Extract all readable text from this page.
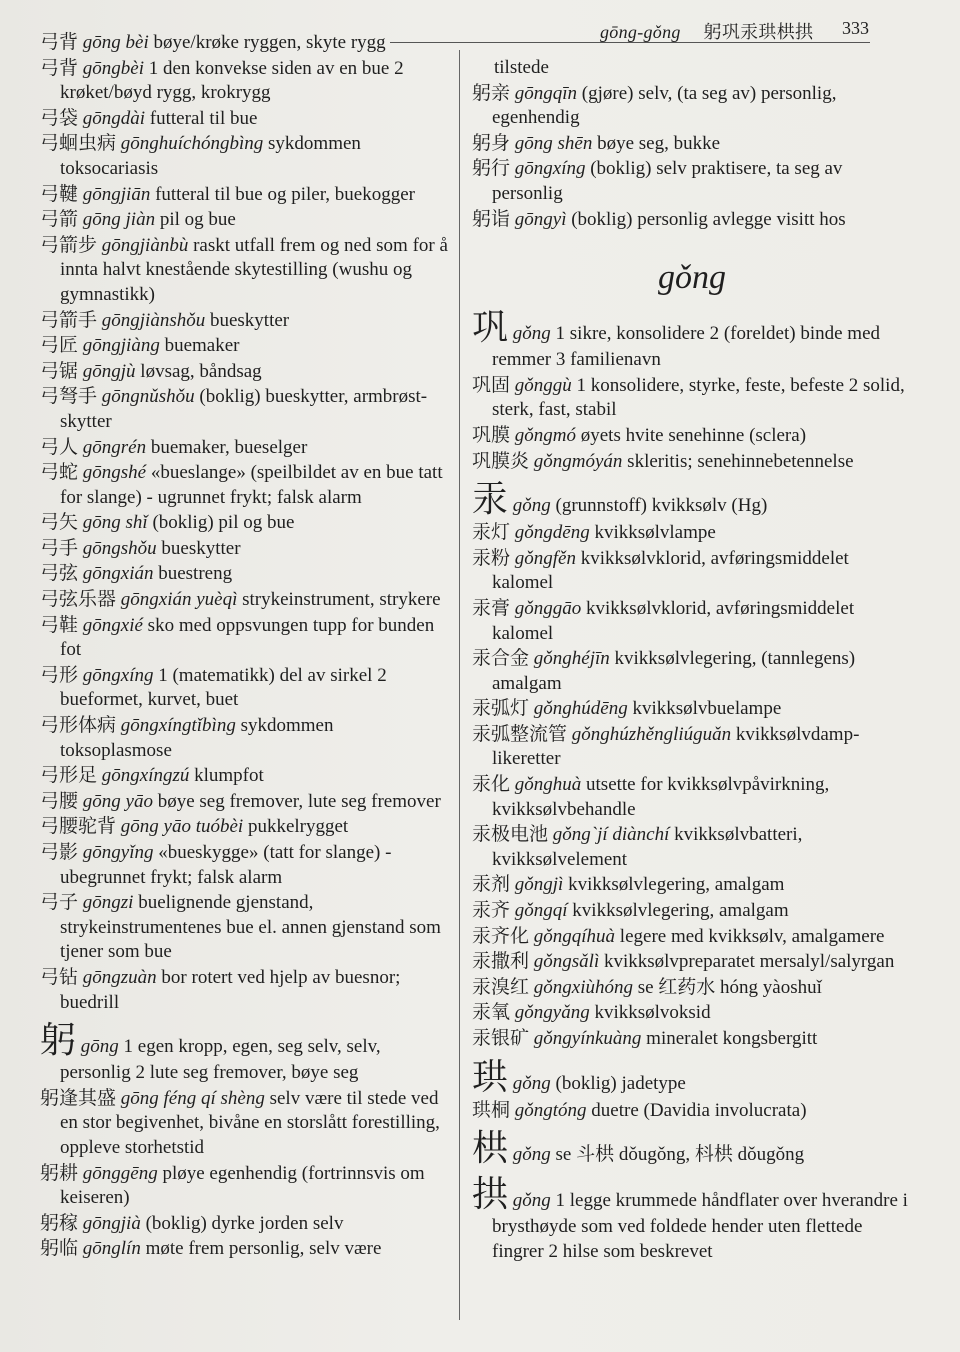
gōng-gǒng 躬巩汞珙栱拱	333

弓背 gōng bèi bøye/krøke ryggen, skyte rygg

弓背 gōngbèi 1 den konvekse siden av en bue 2 krøket/bøyd rygg, krokrygg

弓袋 gōngdài futteral til bue

弓蛔虫病 gōnghuíchóngbìng sykdommen toksocariasis

弓鞬 gōngjiān futteral til bue og piler, buekogger

弓箭 gōng jiàn pil og bue

弓箭步 gōngjiànbù raskt utfall frem og ned som for å innta halvt knestående skytestilling (wushu og gymnastikk)

弓箭手 gōngjiànshǒu bueskytter

弓匠 gōngjiàng buemaker

弓锯 gōngjù løvsag, båndsag

弓弩手 gōngnǔshǒu (boklig) bueskytter, armbrøst-skytter

弓人 gōngrén buemaker, bueselger

弓蛇 gōngshé «bueslange» (speilbildet av en bue tatt for slange) - ugrunnet frykt; falsk alarm

弓矢 gōng shǐ (boklig) pil og bue

弓手 gōngshǒu bueskytter

弓弦 gōngxián buestreng

弓弦乐器 gōngxián yuèqì strykeinstrument, strykere

弓鞋 gōngxié sko med oppsvungen tupp for bunden fot

弓形 gōngxíng 1 (matematikk) del av sirkel 2 bueformet, kurvet, buet

弓形体病 gōngxíngtǐbìng sykdommen toksoplasmose

弓形足 gōngxíngzú klumpfot

弓腰 gōng yāo bøye seg fremover, lute seg fremover

弓腰驼背 gōng yāo tuóbèi pukkelrygget

弓影 gōngyǐng «bueskygge» (tatt for slange) - ubegrunnet frykt; falsk alarm

弓子 gōngzi buelignende gjenstand, strykeinstrumentenes bue el. annen gjenstand som tjener som bue

弓钻 gōngzuàn bor rotert ved hjelp av buesnor; buedrill

躬 gōng 1 egen kropp, egen, seg selv, selv, personlig 2 lute seg fremover, bøye seg

躬逢其盛 gōng féng qí shèng selv være til stede ved en stor begivenhet, bivåne en storslått forestilling, oppleve storhetstid

躬耕 gōnggēng pløye egenhendig (fortrinnsvis om keiseren)

躬稼 gōngjià (boklig) dyrke jorden selv

躬临 gōnglín møte frem personlig, selv være

tilstede

躬亲 gōngqīn (gjøre) selv, (ta seg av) personlig, egenhendig

躬身 gōng shēn bøye seg, bukke

躬行 gōngxíng (boklig) selv praktisere, ta seg av personlig

躬诣 gōngyì (boklig) personlig avlegge visitt hos

gǒng

巩 gǒng 1 sikre, konsolidere 2 (foreldet) binde med remmer 3 familienavn

巩固 gǒnggù 1 konsolidere, styrke, feste, befeste 2 solid, sterk, fast, stabil

巩膜 gǒngmó øyets hvite senehinne (sclera)

巩膜炎 gǒngmóyán skleritis; senehinnebetennelse

汞 gǒng (grunnstoff) kvikksølv (Hg)

汞灯 gǒngdēng kvikksølvlampe

汞粉 gǒngfěn kvikksølvklorid, avføringsmiddelet kalomel

汞膏 gǒnggāo kvikksølvklorid, avføringsmiddelet kalomel

汞合金 gǒnghéjīn kvikksølvlegering, (tannlegens) amalgam

汞弧灯 gǒnghúdēng kvikksølvbuelampe

汞弧整流管 gǒnghúzhěngliúguǎn kvikksølvdamp-likeretter

汞化 gǒnghuà utsette for kvikksølvpåvirkning, kvikksølvbehandle

汞极电池 gǒng`jí diànchí kvikksølvbatteri, kvikksølvelement

汞剂 gǒngjì kvikksølvlegering, amalgam

汞齐 gǒngqí kvikksølvlegering, amalgam

汞齐化 gǒngqíhuà legere med kvikksølv, amalgamere

汞撒利 gǒngsǎlì kvikksølvpreparatet mersalyl/salyrgan

汞溴红 gǒngxiùhóng se 红药水 hóng yàoshuǐ

汞氧 gǒngyǎng kvikksølvoksid

汞银矿 gǒngyínkuàng mineralet kongsbergitt

珙 gǒng (boklig) jadetype

珙桐 gǒngtóng duetre (Davidia involucrata)

栱 gǒng se 斗栱 dǒugǒng, 枓栱 dǒugǒng

拱 gǒng 1 legge krummede håndflater over hverandre i brysthøyde som ved foldede hender uten flettede fingrer 2 hilse som beskrevet
